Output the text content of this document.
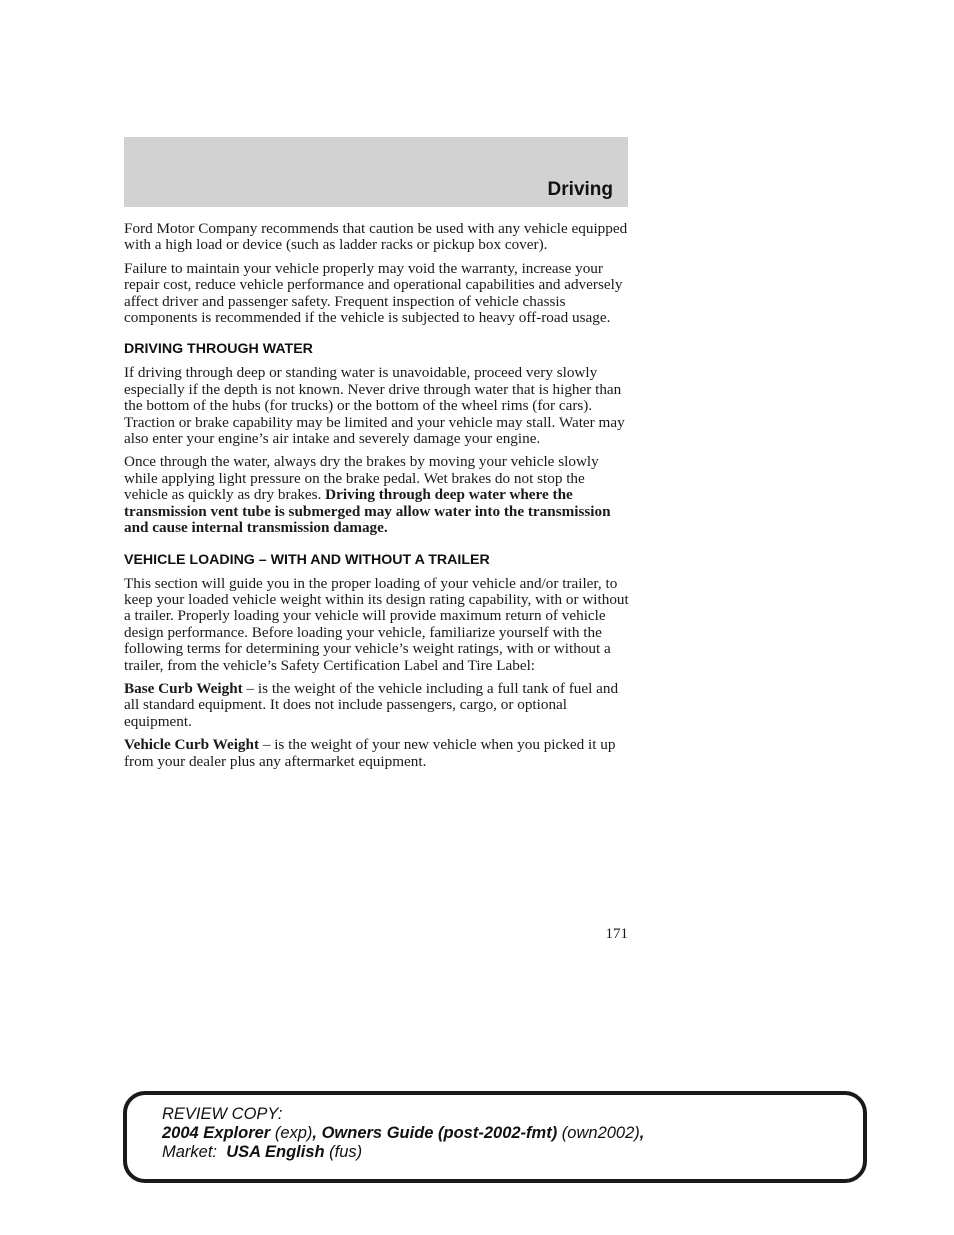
Driving

Ford Motor Company recommends that caution be used with any vehicle equipped with a high load or device (such as ladder racks or pickup box cover).

Failure to maintain your vehicle properly may void the warranty, increase your repair cost, reduce vehicle performance and operational capabilities and adversely affect driver and passenger safety. Frequent inspection of vehicle chassis components is recommended if the vehicle is subjected to heavy off-road usage.

DRIVING THROUGH WATER

If driving through deep or standing water is unavoidable, proceed very slowly especially if the depth is not known. Never drive through water that is higher than the bottom of the hubs (for trucks) or the bottom of the wheel rims (for cars). Traction or brake capability may be limited and your vehicle may stall. Water may also enter your engine’s air intake and severely damage your engine.

Once through the water, always dry the brakes by moving your vehicle slowly while applying light pressure on the brake pedal. Wet brakes do not stop the vehicle as quickly as dry brakes. Driving through deep water where the transmission vent tube is submerged may allow water into the transmission and cause internal transmission damage.

VEHICLE LOADING – WITH AND WITHOUT A TRAILER

This section will guide you in the proper loading of your vehicle and/or trailer, to keep your loaded vehicle weight within its design rating capability, with or without a trailer. Properly loading your vehicle will provide maximum return of vehicle design performance. Before loading your vehicle, familiarize yourself with the following terms for determining your vehicle’s weight ratings, with or without a trailer, from the vehicle’s Safety Certification Label and Tire Label:

Base Curb Weight – is the weight of the vehicle including a full tank of fuel and all standard equipment. It does not include passengers, cargo, or optional equipment.

Vehicle Curb Weight – is the weight of your new vehicle when you picked it up from your dealer plus any aftermarket equipment.

171
REVIEW COPY:
2004 Explorer (exp), Owners Guide (post-2002-fmt) (own2002),
Market:  USA English (fus)
